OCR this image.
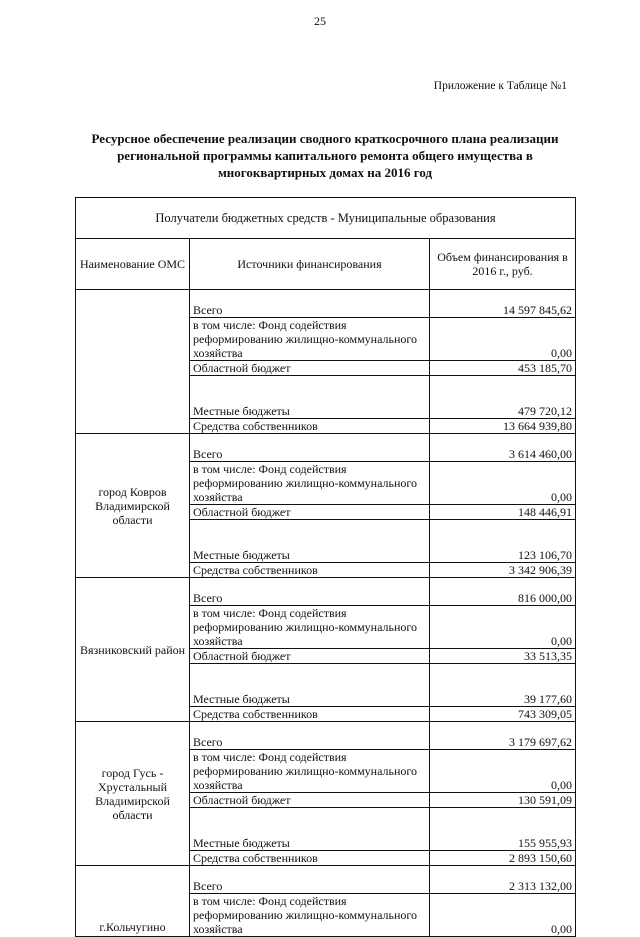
25
Приложение к Таблице №1
Ресурсное обеспечение реализации сводного краткосрочного плана реализации
региональной программы капитального ремонта общего имущества в
многоквартирных домах на 2016 год
Получатели бюджетных средств - Муниципальные образования		
Наименование ОМС	Источники финансирования	Объем финансирования в 2016 г., руб.
	Всего	14 597 845,62
	в том числе: Фонд содействия реформированию жилищно-коммунального хозяйства	0,00
	Областной бюджет	453 185,70
	Местные бюджеты	479 720,12
	Средства собственников	13 664 939,80
город Ковров Владимирской области	Всего	3 614 460,00
	в том числе: Фонд содействия реформированию жилищно-коммунального хозяйства	0,00
	Областной бюджет	148 446,91
	Местные бюджеты	123 106,70
	Средства собственников	3 342 906,39
Вязниковский район	Всего	816 000,00
	в том числе: Фонд содействия реформированию жилищно-коммунального хозяйства	0,00
	Областной бюджет	33 513,35
	Местные бюджеты	39 177,60
	Средства собственников	743 309,05
город Гусь - Хрустальный Владимирской области	Всего	3 179 697,62
	в том числе: Фонд содействия реформированию жилищно-коммунального хозяйства	0,00
	Областной бюджет	130 591,09
	Местные бюджеты	155 955,93
	Средства собственников	2 893 150,60
г.Кольчугино	Всего	2 313 132,00
	в том числе: Фонд содействия реформированию жилищно-коммунального хозяйства	0,00
